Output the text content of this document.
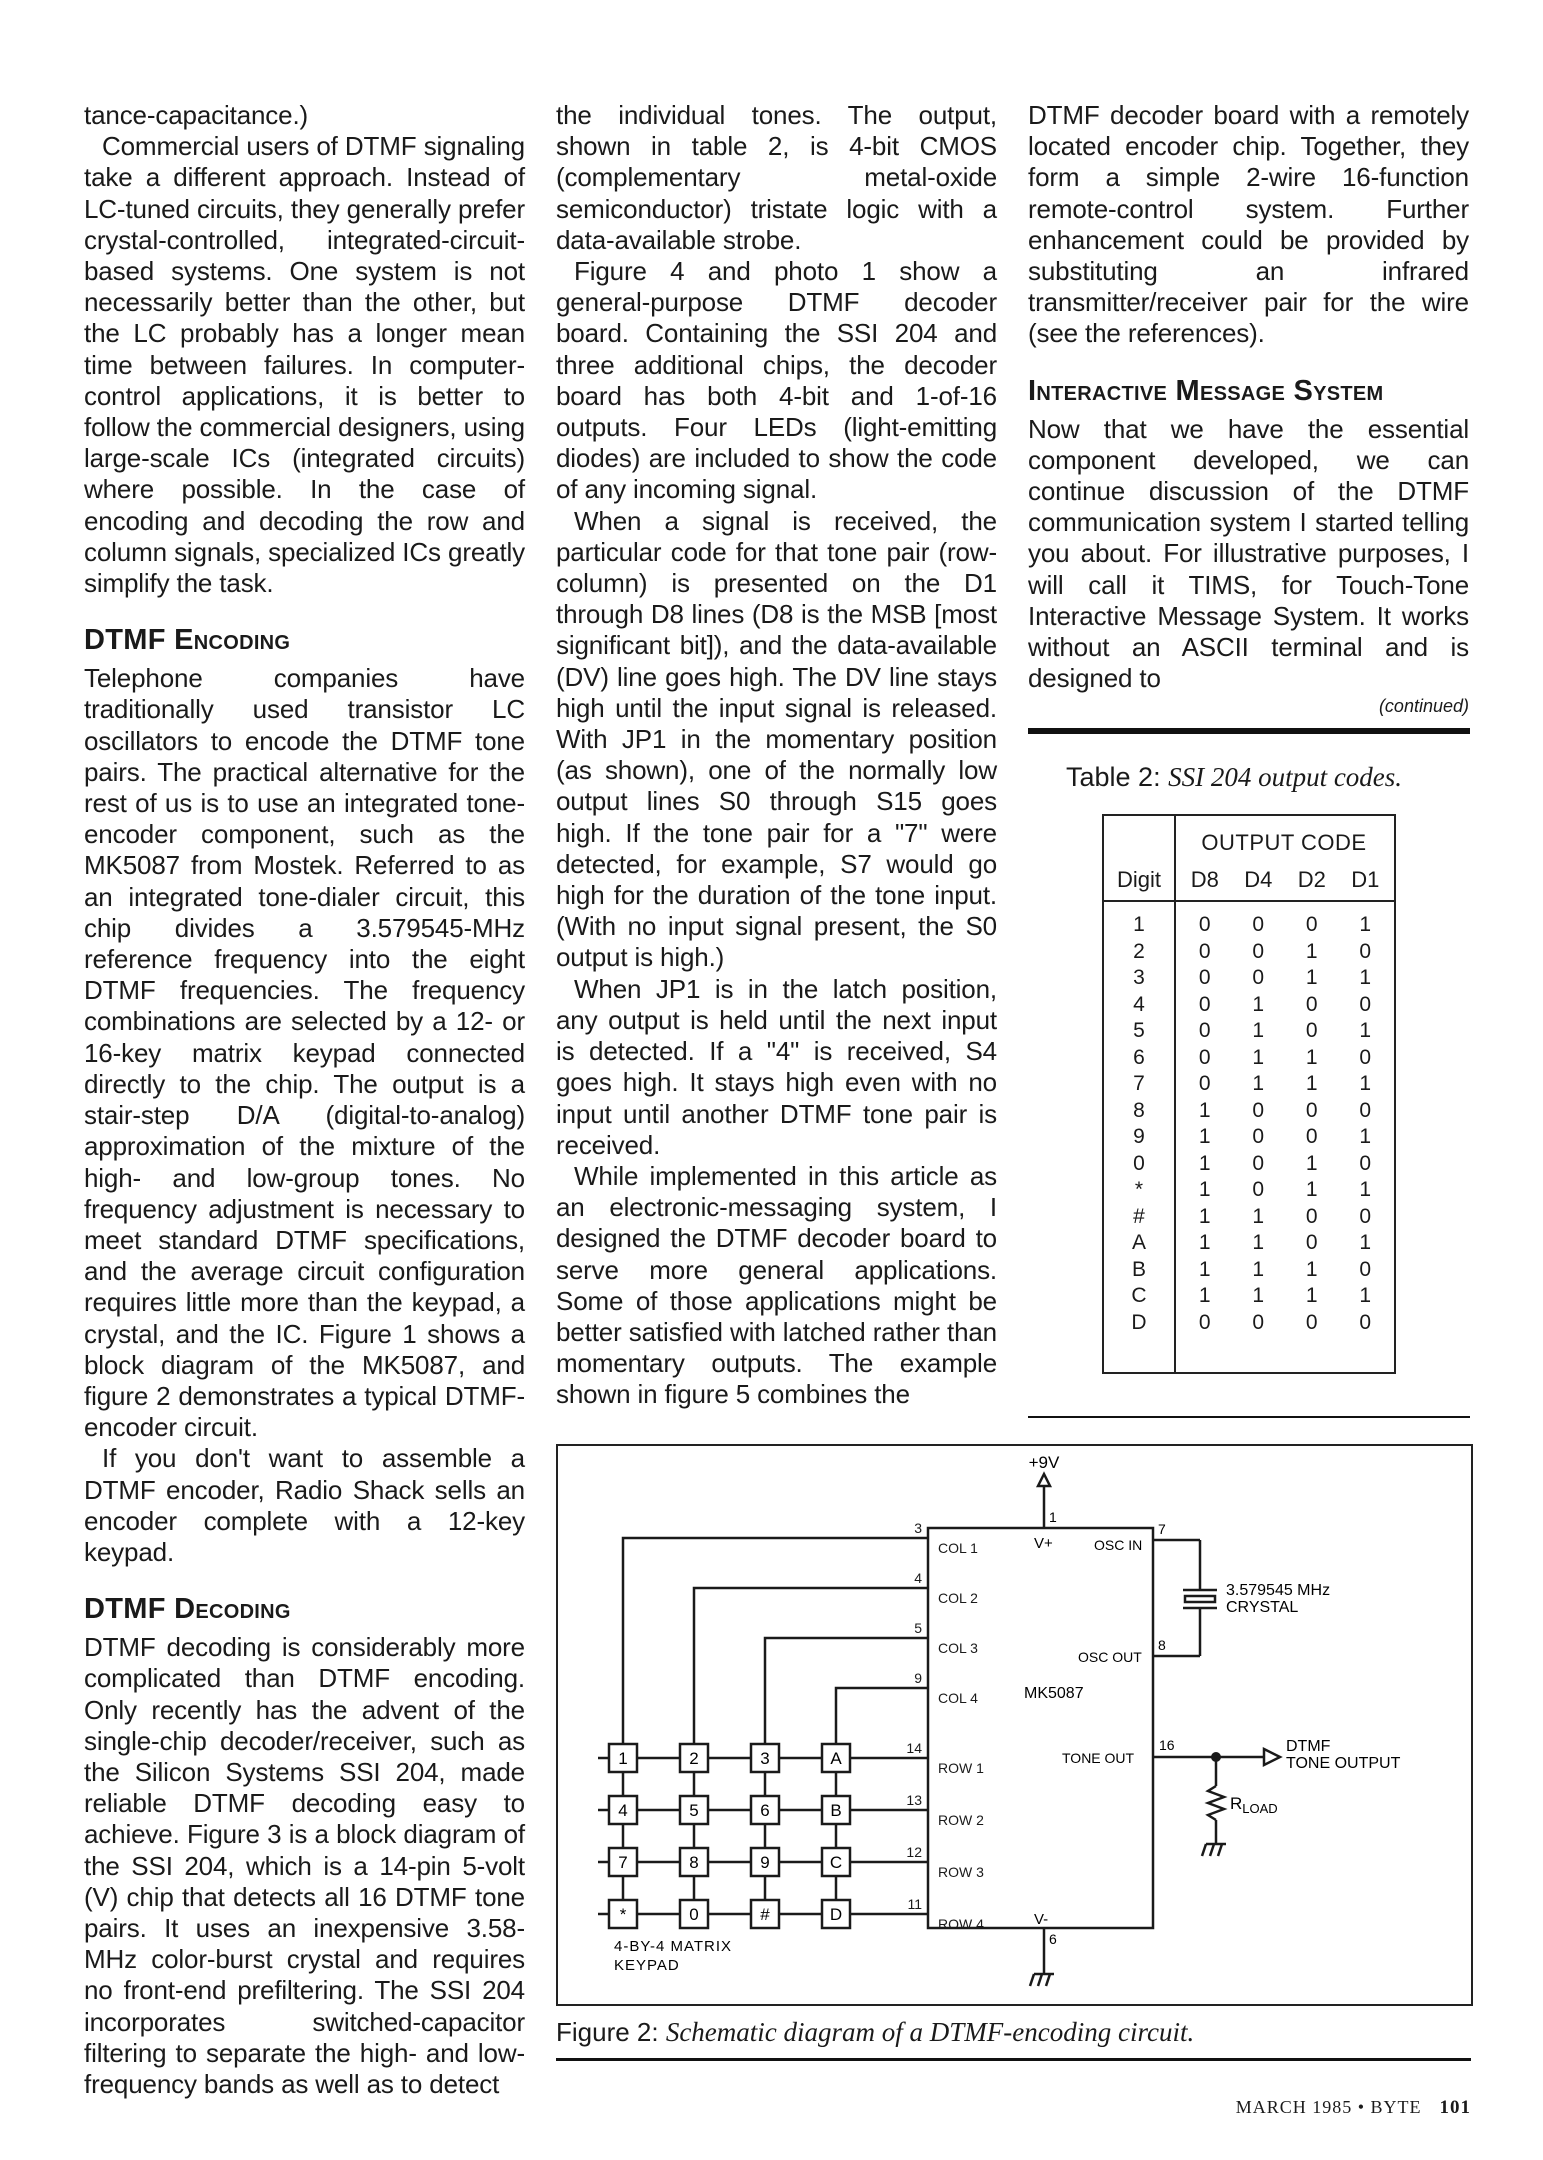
tance-capacitance.)

Commercial users of DTMF signaling take a different approach. Instead of LC-tuned circuits, they generally prefer crystal-controlled, integrated-circuit-based systems. One system is not necessarily better than the other, but the LC probably has a longer mean time between failures. In computer-control applications, it is better to follow the commercial designers, using large-scale ICs (integrated circuits) where possible. In the case of encoding and decoding the row and column signals, specialized ICs greatly simplify the task.

DTMF Encoding

Telephone companies have traditionally used transistor LC oscillators to encode the DTMF tone pairs. The practical alternative for the rest of us is to use an integrated tone-encoder component, such as the MK5087 from Mostek. Referred to as an integrated tone-dialer circuit, this chip divides a 3.579545-MHz reference frequency into the eight DTMF frequencies. The frequency combinations are selected by a 12- or 16-key matrix keypad connected directly to the chip. The output is a stair-step D/A (digital-to-analog) approximation of the mixture of the high- and low-group tones. No frequency adjustment is necessary to meet standard DTMF specifications, and the average circuit configuration requires little more than the keypad, a crystal, and the IC. Figure 1 shows a block diagram of the MK5087, and figure 2 demonstrates a typical DTMF-encoder circuit.

If you don't want to assemble a DTMF encoder, Radio Shack sells an encoder complete with a 12-key keypad.

DTMF Decoding

DTMF decoding is considerably more complicated than DTMF encoding. Only recently has the advent of the single-chip decoder/receiver, such as the Silicon Systems SSI 204, made reliable DTMF decoding easy to achieve. Figure 3 is a block diagram of the SSI 204, which is a 14-pin 5-volt (V) chip that detects all 16 DTMF tone pairs. It uses an inexpensive 3.58-MHz color-burst crystal and requires no front-end prefiltering. The SSI 204 incorporates switched-capacitor filtering to separate the high- and low-frequency bands as well as to detect

the individual tones. The output, shown in table 2, is 4-bit CMOS (complementary metal-oxide semiconductor) tristate logic with a data-available strobe.

Figure 4 and photo 1 show a general-purpose DTMF decoder board. Containing the SSI 204 and three additional chips, the decoder board has both 4-bit and 1-of-16 outputs. Four LEDs (light-emitting diodes) are included to show the code of any incoming signal.

When a signal is received, the particular code for that tone pair (row-column) is presented on the D1 through D8 lines (D8 is the MSB [most significant bit]), and the data-available (DV) line goes high. The DV line stays high until the input signal is released. With JP1 in the momentary position (as shown), one of the normally low output lines S0 through S15 goes high. If the tone pair for a "7" were detected, for example, S7 would go high for the duration of the tone input. (With no input signal present, the S0 output is high.)

When JP1 is in the latch position, any output is held until the next input is detected. If a "4" is received, S4 goes high. It stays high even with no input until another DTMF tone pair is received.

While implemented in this article as an electronic-messaging system, I designed the DTMF decoder board to serve more general applications. Some of those applications might be better satisfied with latched rather than momentary outputs. The example shown in figure 5 combines the

DTMF decoder board with a remotely located encoder chip. Together, they form a simple 2-wire 16-function remote-control system. Further enhancement could be provided by substituting an infrared transmitter/receiver pair for the wire (see the references).

Interactive Message System

Now that we have the essential component developed, we can continue discussion of the DTMF communication system I started telling you about. For illustrative purposes, I will call it TIMS, for Touch-Tone Interactive Message System. It works without an ASCII terminal and is designed to

(continued)
Table 2: SSI 204 output codes.
OUTPUT CODE
Digit	D8 D4 D2 D1
1	0	0	0	1
2	0	0	1	0
3	0	0	1	1
4	0	1	0	0
5	0	1	0	1
6	0	1	1	0
7	0	1	1	1
8	1	0	0	0
9	1	0	0	1
0	1	0	1	0
*	1	0	1	1
#	1	1	0	0
A	1	1	0	1
B	1	1	1	0
C	1	1	1	1
D	0	0	0	0
1	2	3	A
4	5	6	B
7	8	9	C
*	0	#	D
3
COL 1
4
COL 2
5
COL 3
9
COL 4
14
ROW 1
13
ROW 2
12
ROW 3
11
ROW 4
+9V
1
V+	OSC IN
7
OSC OUT
8
MK5087
TONE OUT
16
V-
6
3.579545 MHz
CRYSTAL
DTMF
TONE OUTPUT
$R_{LOAD}$
4-BY-4 MATRIX
KEYPAD
Figure 2: Schematic diagram of a DTMF-encoding circuit.
MARCH 1985 • BYTE 101
